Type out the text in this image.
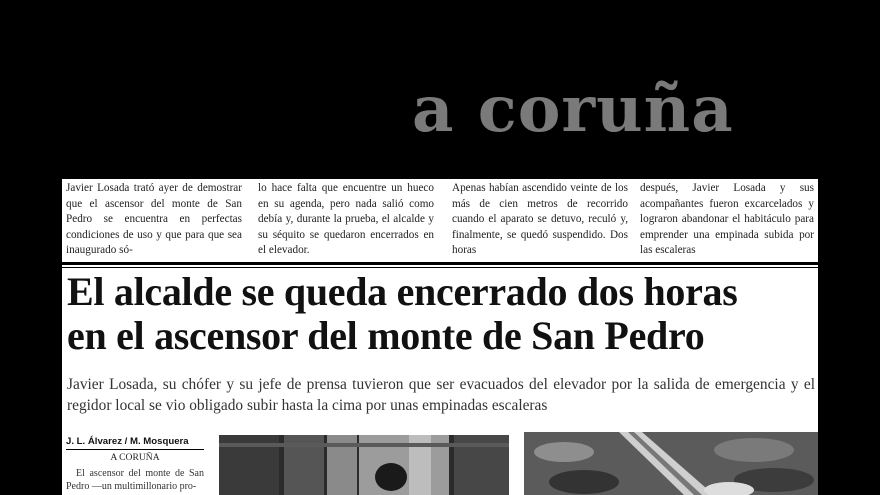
a coruña
Javier Losada trató ayer de demostrar que el ascensor del monte de San Pedro se encuentra en perfectas condiciones de uso y que para que sea inaugurado só-
lo hace falta que encuentre un hueco en su agenda, pero nada salió como debía y, durante la prueba, el alcalde y su séquito se quedaron encerrados en el elevador.
Apenas habían ascendido veinte de los más de cien metros de recorrido cuando el aparato se detuvo, reculó y, finalmente, se quedó suspendido. Dos horas
después, Javier Losada y sus acompañantes fueron excarcelados y lograron abandonar el habitáculo para emprender una empinada subida por las escaleras
El alcalde se queda encerrado dos horas
en el ascensor del monte de San Pedro
Javier Losada, su chófer y su jefe de prensa tuvieron que ser evacuados del elevador por la salida de emergencia y el regidor local se vio obligado subir hasta la cima por unas empinadas escaleras
J. L. Álvarez / M. Mosquera
A CORUÑA
El ascensor del monte de San Pedro —un multimillonario pro-
